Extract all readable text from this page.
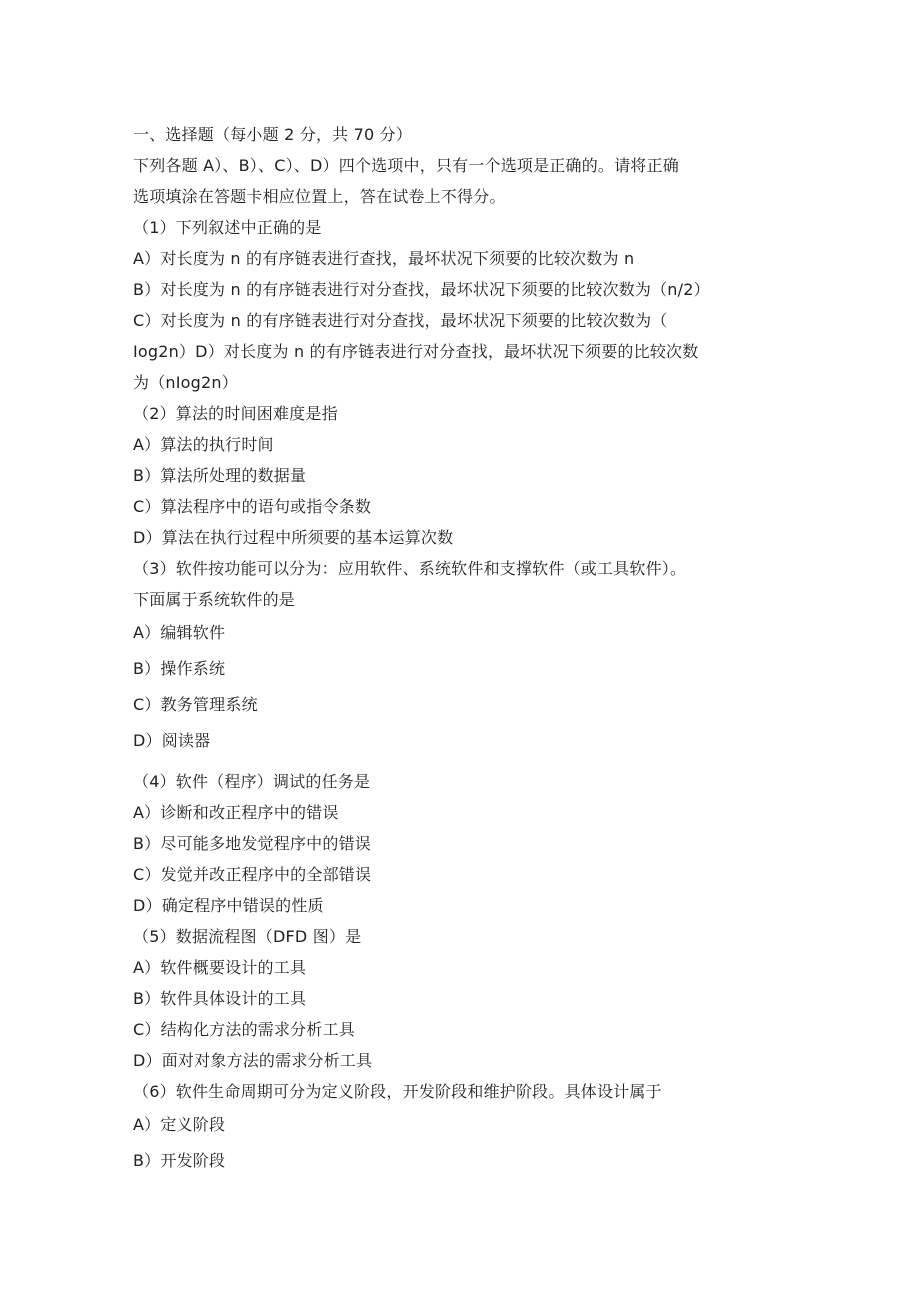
一、选择题（每小题 2 分，共 70 分）
下列各题 A）、B）、C）、D）四个选项中，只有一个选项是正确的。请将正确
选项填涂在答题卡相应位置上，答在试卷上不得分。
（1）下列叙述中正确的是
A）对长度为 n 的有序链表进行查找，最坏状况下须要的比较次数为 n
B）对长度为 n 的有序链表进行对分查找，最坏状况下须要的比较次数为（n/2）
C）对长度为 n 的有序链表进行对分查找，最坏状况下须要的比较次数为（
Iog2n）D）对长度为 n 的有序链表进行对分查找，最坏状况下须要的比较次数
为（nIog2n）
（2）算法的时间困难度是指
A）算法的执行时间
B）算法所处理的数据量
C）算法程序中的语句或指令条数
D）算法在执行过程中所须要的基本运算次数
（3）软件按功能可以分为：应用软件、系统软件和支撑软件（或工具软件）。
下面属于系统软件的是
A）编辑软件
B）操作系统
C）教务管理系统
D）阅读器
（4）软件（程序）调试的任务是
A）诊断和改正程序中的错误
B）尽可能多地发觉程序中的错误
C）发觉并改正程序中的全部错误
D）确定程序中错误的性质
（5）数据流程图（DFD 图）是
A）软件概要设计的工具
B）软件具体设计的工具
C）结构化方法的需求分析工具
D）面对对象方法的需求分析工具
（6）软件生命周期可分为定义阶段，开发阶段和维护阶段。具体设计属于
A）定义阶段
B）开发阶段
